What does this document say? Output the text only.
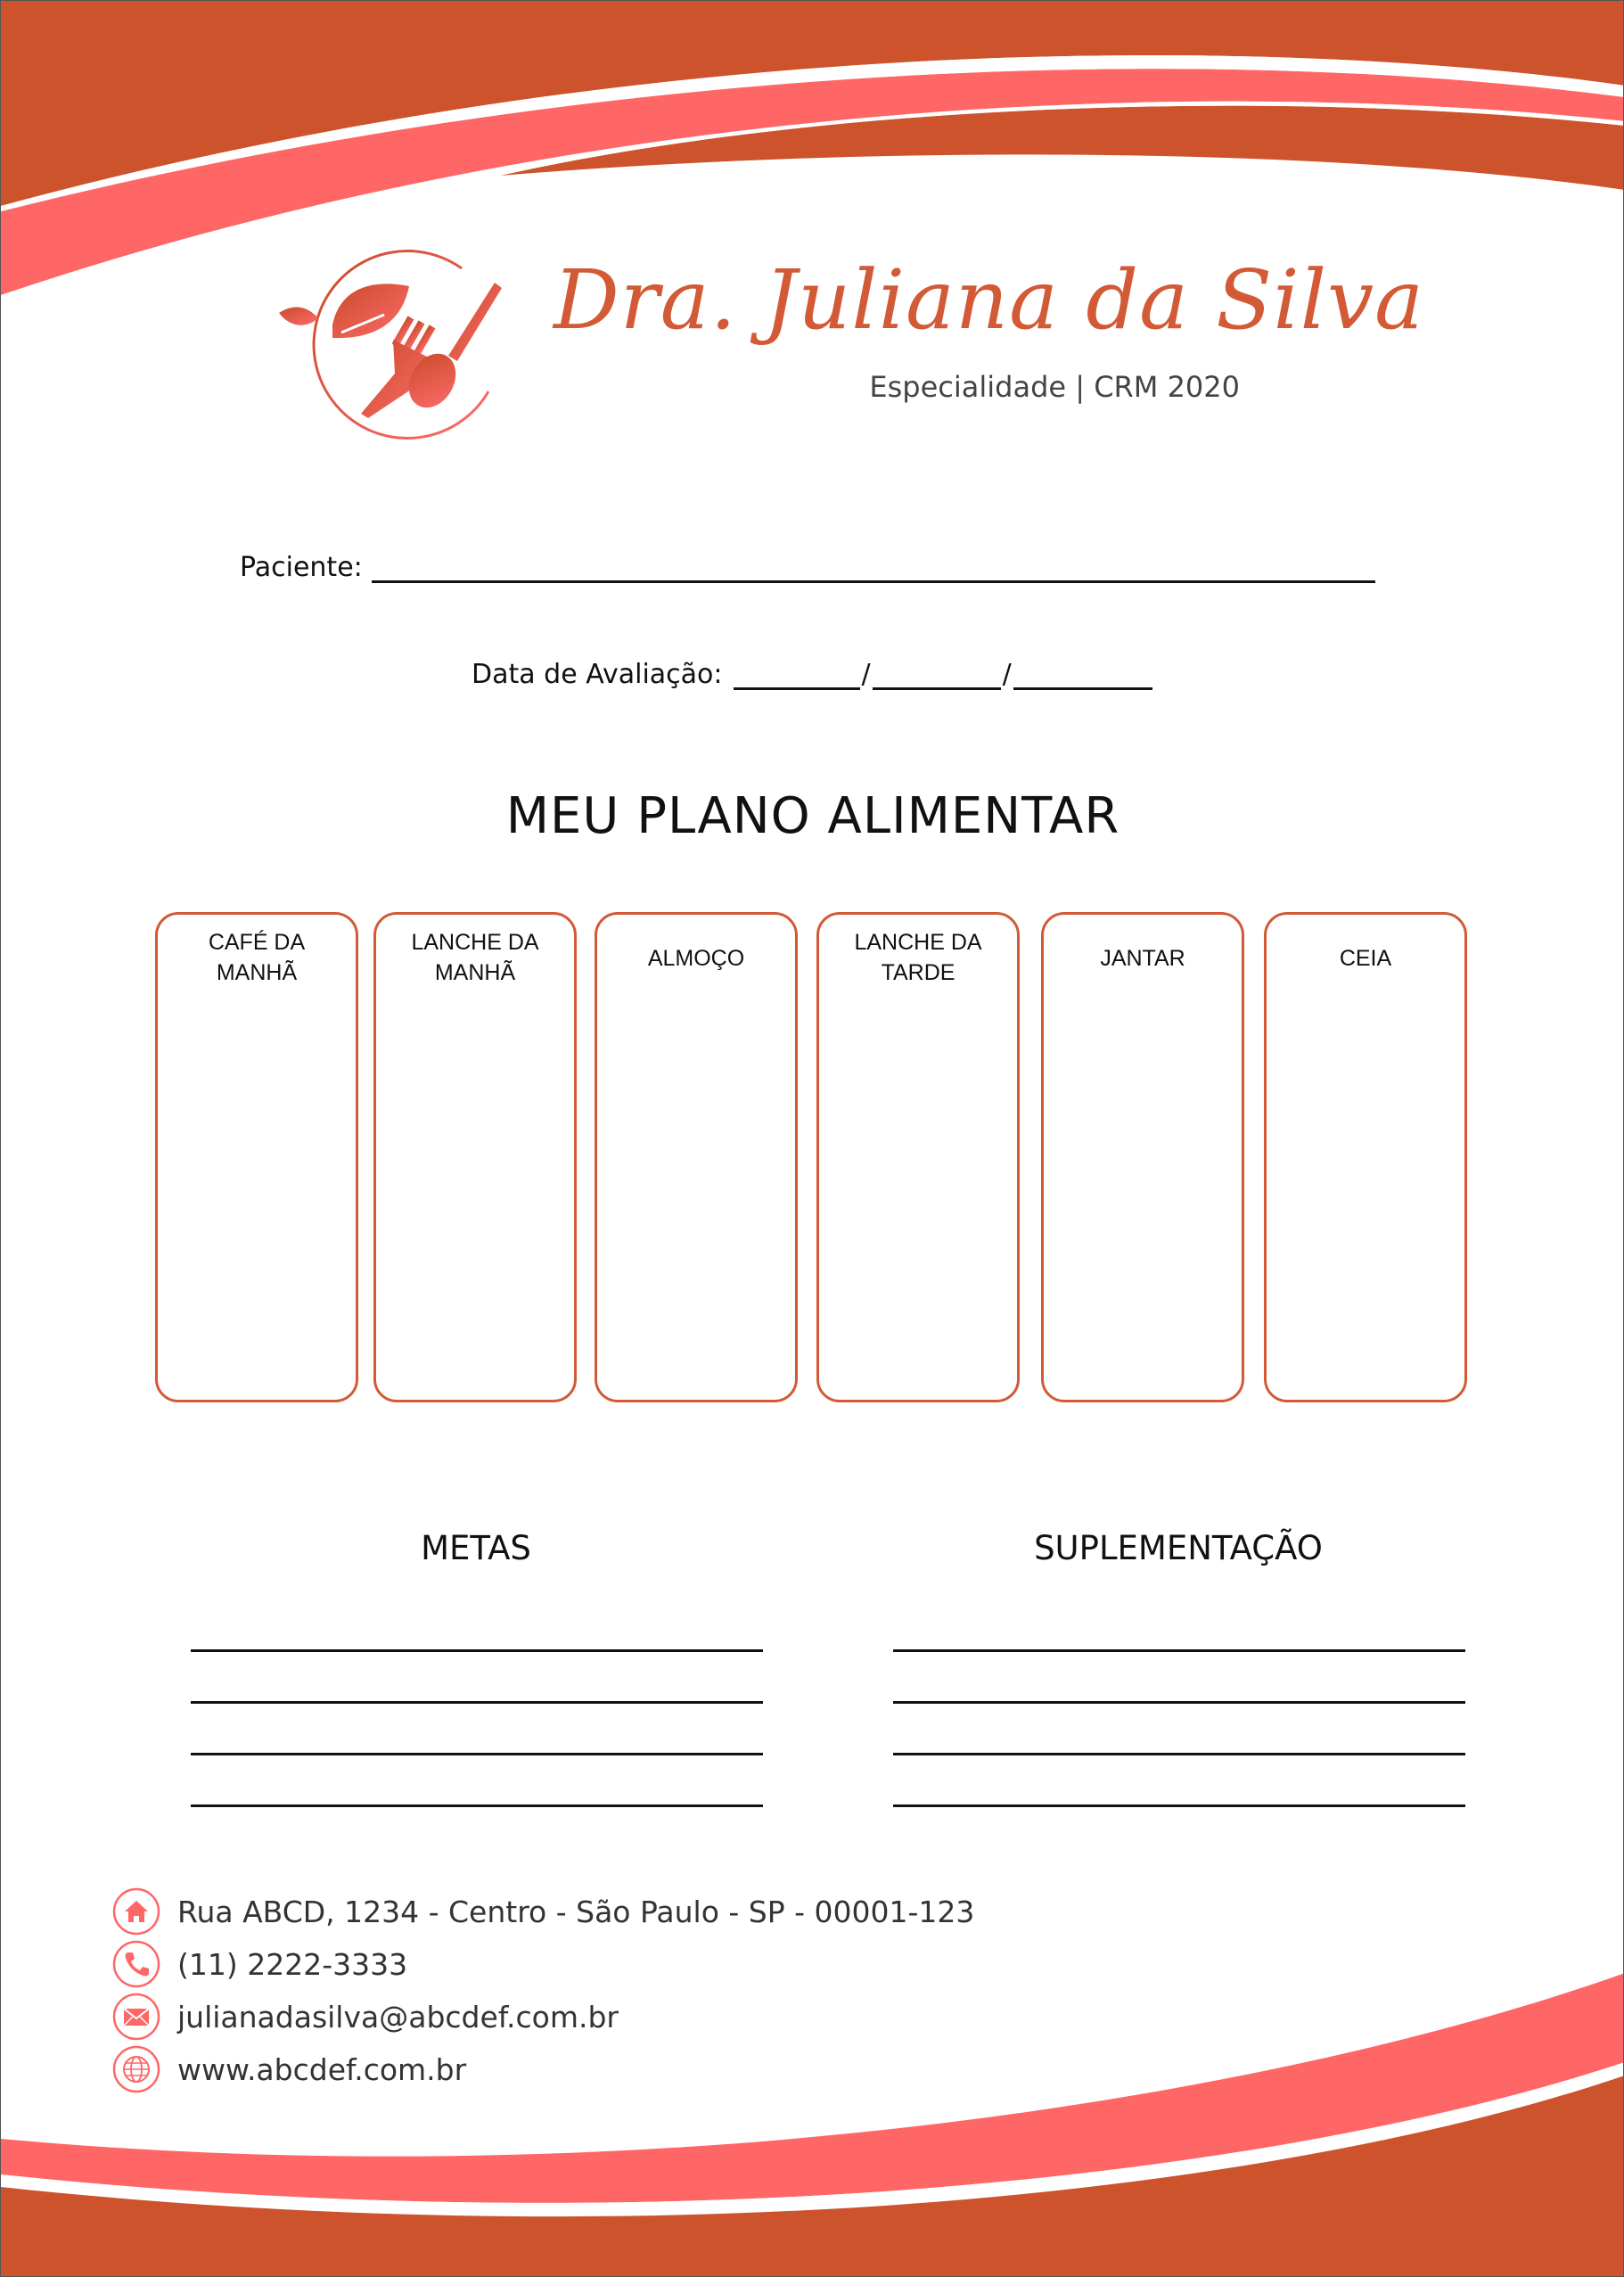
Dra. Juliana da Silva
Especialidade | CRM 2020
Paciente:
Data de Avaliação:	/	/
MEU PLANO ALIMENTAR
CAFÉ DA MANHÃ
LANCHE DA MANHÃ
ALMOÇO
LANCHE DA TARDE
JANTAR	CEIA
METAS	SUPLEMENTAÇÃO
Rua ABCD, 1234 - Centro - São Paulo - SP - 00001-123
(11) 2222-3333
julianadasilva@abcdef.com.br
www.abcdef.com.br
